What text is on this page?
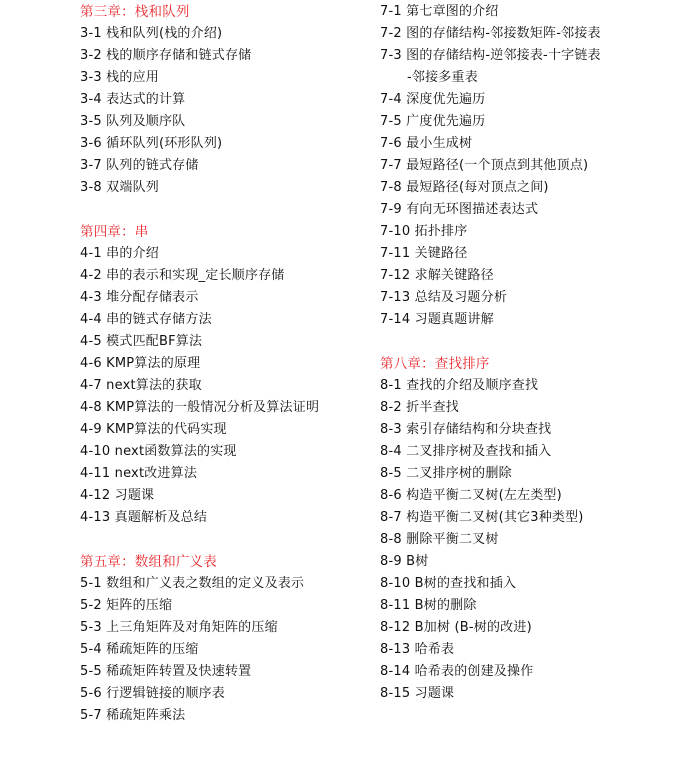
第三章：栈和队列
3-1 栈和队列(栈的介绍)
3-2 栈的顺序存储和链式存储
3-3 栈的应用
3-4 表达式的计算
3-5 队列及顺序队
3-6 循环队列(环形队列)
3-7 队列的链式存储
3-8 双端队列
第四章：串
4-1 串的介绍
4-2 串的表示和实现_定长顺序存储
4-3 堆分配存储表示
4-4 串的链式存储方法
4-5 模式匹配BF算法
4-6 KMP算法的原理
4-7 next算法的获取
4-8 KMP算法的一般情况分析及算法证明
4-9 KMP算法的代码实现
4-10 next函数算法的实现
4-11 next改进算法
4-12 习题课
4-13 真题解析及总结
第五章：数组和广义表
5-1 数组和广义表之数组的定义及表示
5-2 矩阵的压缩
5-3 上三角矩阵及对角矩阵的压缩
5-4 稀疏矩阵的压缩
5-5 稀疏矩阵转置及快速转置
5-6 行逻辑链接的顺序表
5-7 稀疏矩阵乘法
7-1 第七章图的介绍
7-2 图的存储结构-邻接数矩阵-邻接表
7-3 图的存储结构-逆邻接表-十字链表
-邻接多重表
7-4 深度优先遍历
7-5 广度优先遍历
7-6 最小生成树
7-7 最短路径(一个顶点到其他顶点)
7-8 最短路径(每对顶点之间)
7-9 有向无环图描述表达式
7-10 拓扑排序
7-11 关键路径
7-12 求解关键路径
7-13 总结及习题分析
7-14 习题真题讲解
第八章：查找排序
8-1 查找的介绍及顺序查找
8-2 折半查找
8-3 索引存储结构和分块查找
8-4 二叉排序树及查找和插入
8-5 二叉排序树的删除
8-6 构造平衡二叉树(左左类型)
8-7 构造平衡二叉树(其它3种类型)
8-8 删除平衡二叉树
8-9 B树
8-10 B树的查找和插入
8-11 B树的删除
8-12 B加树 (B-树的改进)
8-13 哈希表
8-14 哈希表的创建及操作
8-15 习题课
